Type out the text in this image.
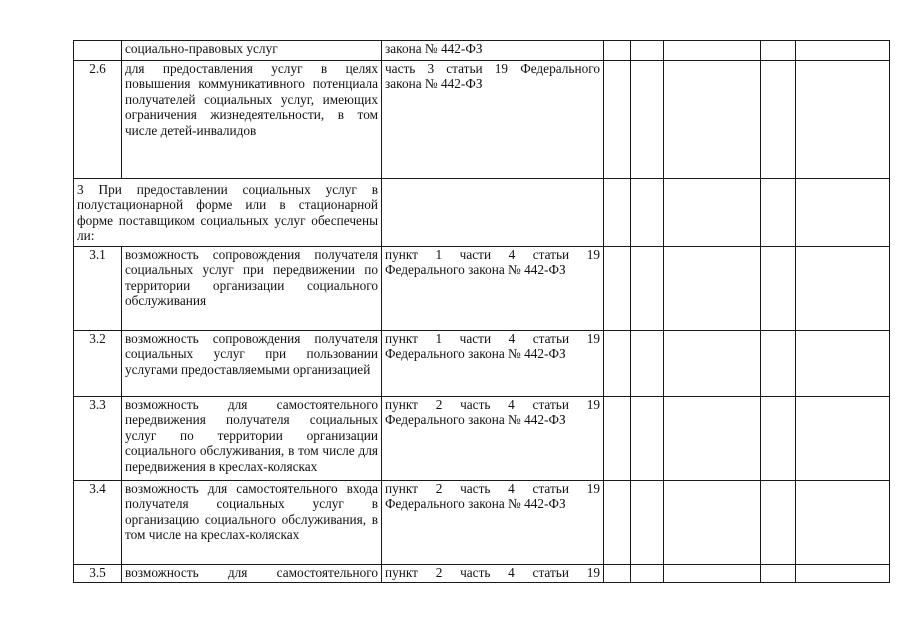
	социально-правовых услуг	закона № 442-ФЗ					
2.6	для предоставления услуг в целях повышения коммуникативного потенциала получателей социальных услуг, имеющих ограничения жизнедеятельности, в том числе детей-инвалидов	часть 3 статьи 19 Федерального закона № 442-ФЗ					
3 При предоставлении социальных услуг в полустационарной форме или в стационарной форме поставщиком социальных услуг обеспечены ли:							
3.1	возможность сопровождения получателя социальных услуг при передвижении по территории организации социального обслуживания	пункт 1 части 4 статьи 19 Федерального закона № 442-ФЗ					
3.2	возможность сопровождения получателя социальных услуг при пользовании услугами предоставляемыми организацией	пункт 1 части 4 статьи 19 Федерального закона № 442-ФЗ					
3.3	возможность для самостоятельного передвижения получателя социальных услуг по территории организации социального обслуживания, в том числе для передвижения в креслах-колясках	пункт 2 часть 4 статьи 19 Федерального закона № 442-ФЗ					
3.4	возможность для самостоятельного входа получателя социальных услуг в организацию социального обслуживания, в том числе на креслах-колясках	пункт 2 часть 4 статьи 19 Федерального закона № 442-ФЗ					
3.5	возможность для самостоятельного	пункт 2 часть 4 статьи 19					
